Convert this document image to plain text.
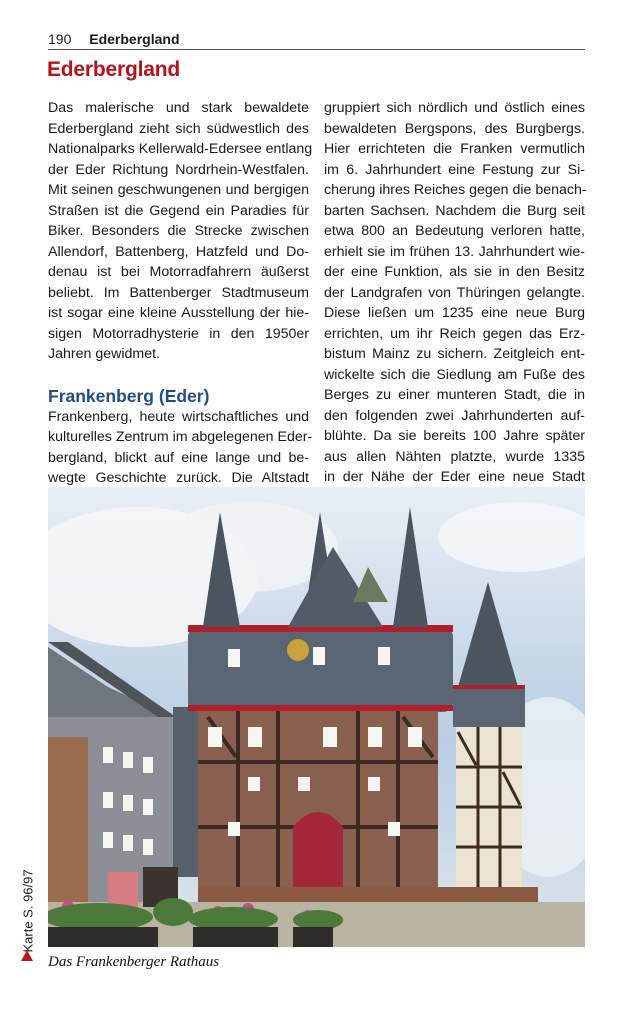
190 Ederbergland
Ederbergland

Das malerische und stark bewaldete
Ederbergland zieht sich südwestlich des
Nationalparks Kellerwald-Edersee entlang
der Eder Richtung Nordrhein-Westfalen.
Mit seinen geschwungenen und bergigen
Straßen ist die Gegend ein Paradies für
Biker. Besonders die Strecke zwischen
Allendorf, Battenberg, Hatzfeld und Do-
denau ist bei Motorradfahrern äußerst
beliebt. Im Battenberger Stadtmuseum
ist sogar eine kleine Ausstellung der hie-
sigen Motorradhysterie in den 1950er
Jahren gewidmet.

Frankenberg (Eder)

Frankenberg, heute wirtschaftliches und
kulturelles Zentrum im abgelegenen Eder-
bergland, blickt auf eine lange und be-
wegte Geschichte zurück. Die Altstadt

gruppiert sich nördlich und östlich eines
bewaldeten Bergspons, des Burgbergs.
Hier errichteten die Franken vermutlich
im 6. Jahrhundert eine Festung zur Si-
cherung ihres Reiches gegen die benach-
barten Sachsen. Nachdem die Burg seit
etwa 800 an Bedeutung verloren hatte,
erhielt sie im frühen 13. Jahrhundert wie-
der eine Funktion, als sie in den Besitz
der Landgrafen von Thüringen gelangte.
Diese ließen um 1235 eine neue Burg
errichten, um ihr Reich gegen das Erz-
bistum Mainz zu sichern. Zeitgleich ent-
wickelte sich die Siedlung am Fuße des
Berges zu einer munteren Stadt, die in
den folgenden zwei Jahrhunderten auf-
blühte. Da sie bereits 100 Jahre später
aus allen Nähten platzte, wurde 1335
in der Nähe der Eder eine neue Stadt

Karte S. 96/97
Das Frankenberger Rathaus
